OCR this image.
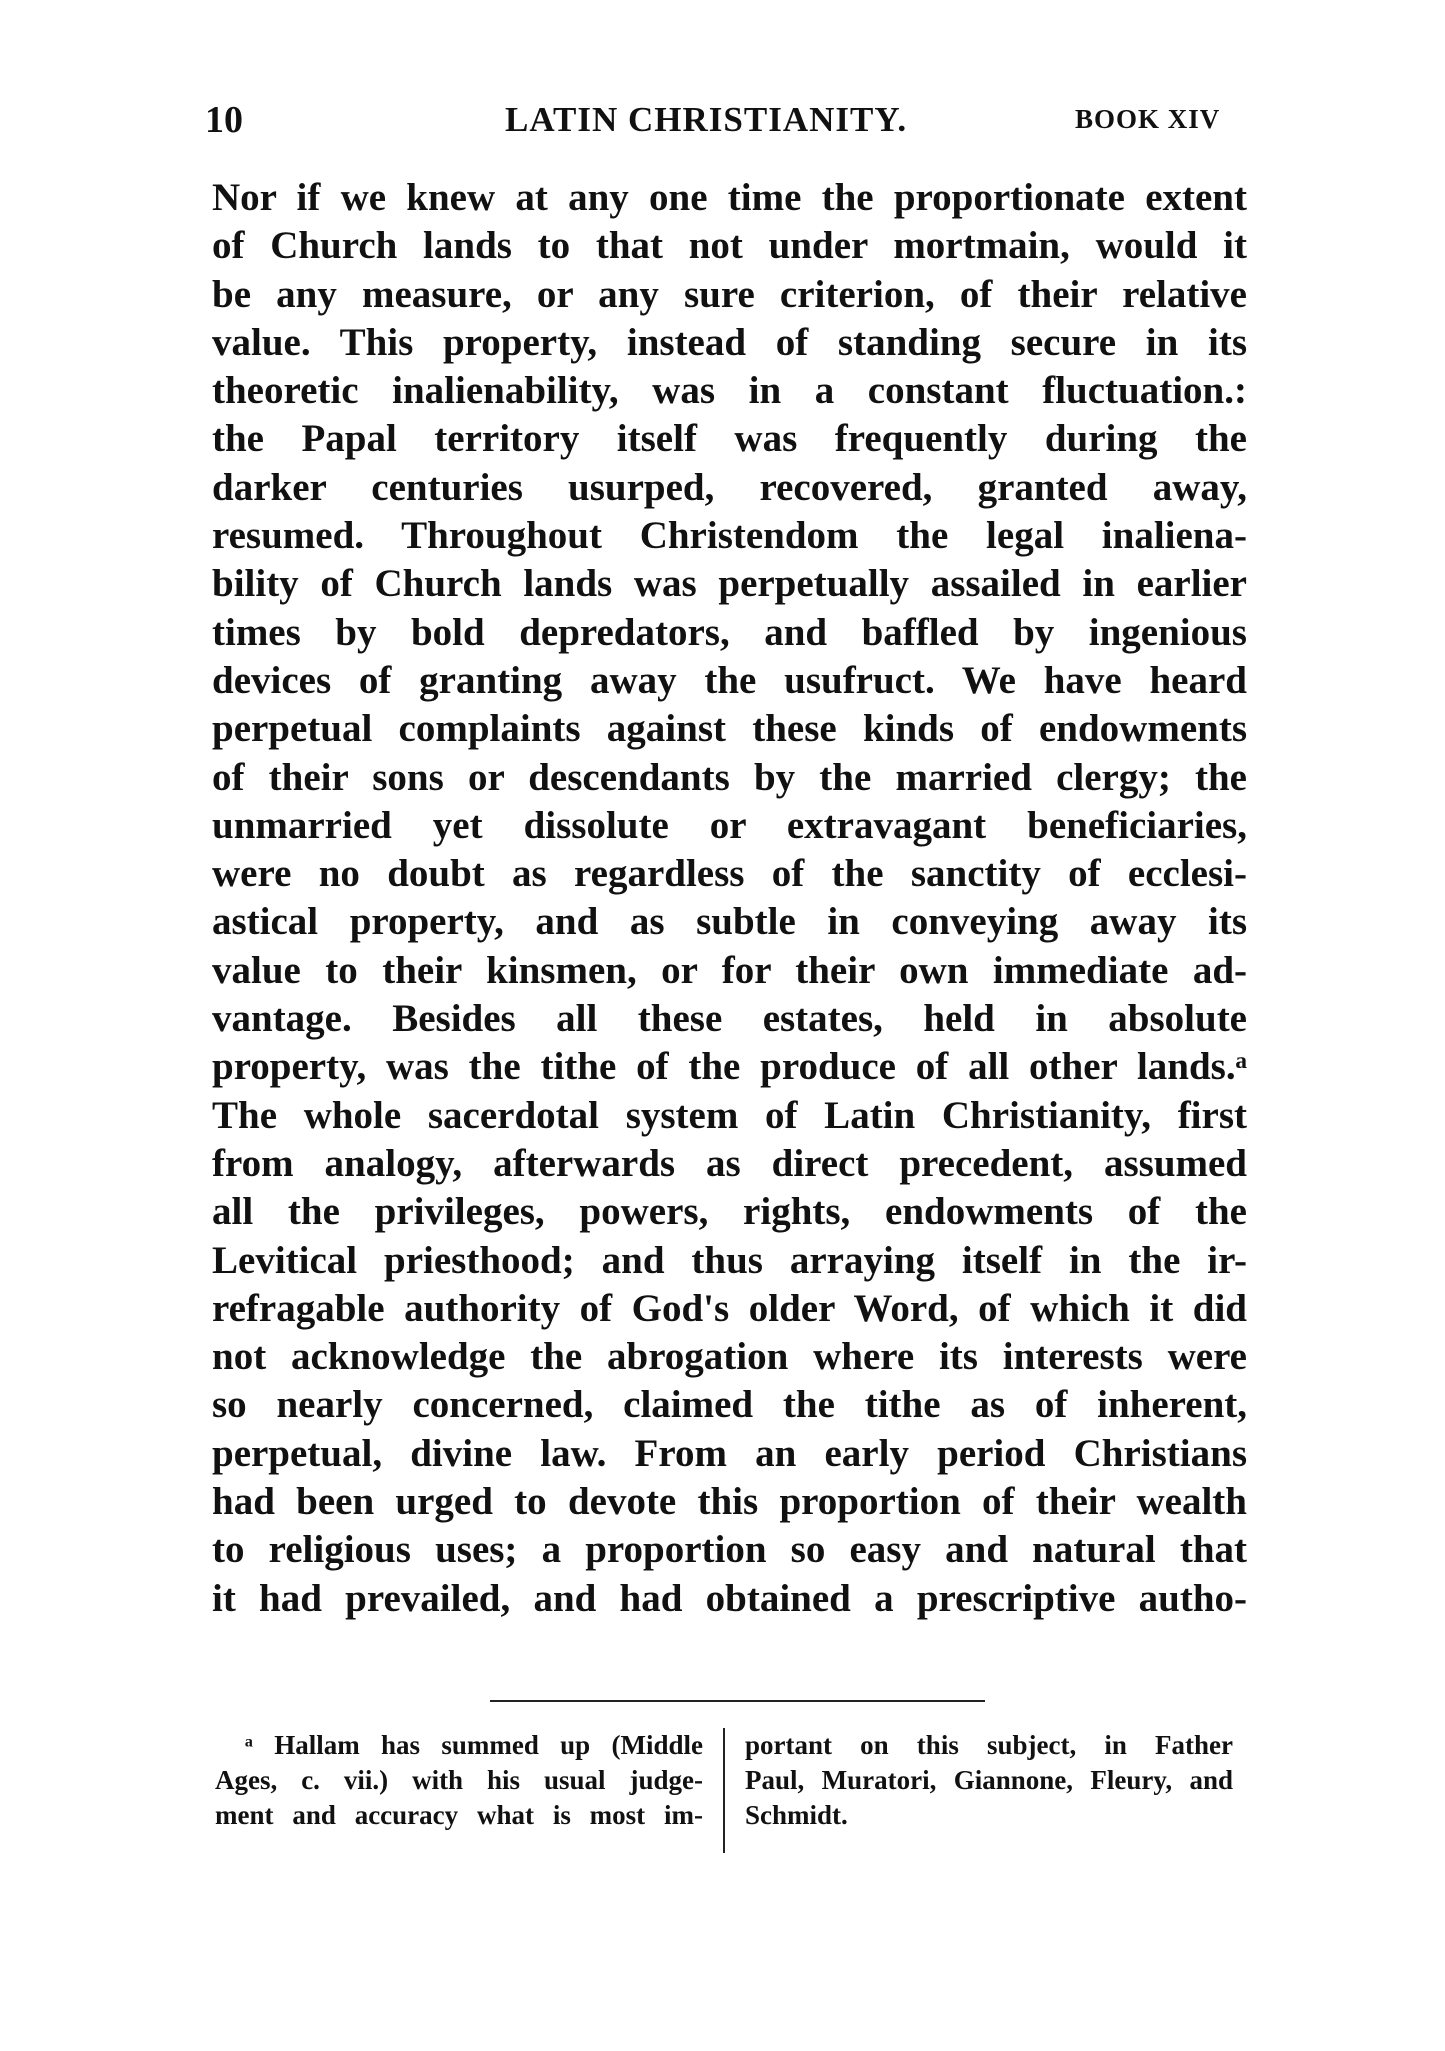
10	LATIN CHRISTIANITY.	BOOK XIV
Nor if we knew at any one time the proportionate extent
of Church lands to that not under mortmain, would it
be any measure, or any sure criterion, of their relative
value. This property, instead of standing secure in its
theoretic inalienability, was in a constant fluctuation.:
the Papal territory itself was frequently during the
darker centuries usurped, recovered, granted away,
resumed. Throughout Christendom the legal inaliena-
bility of Church lands was perpetually assailed in earlier
times by bold depredators, and baffled by ingenious
devices of granting away the usufruct. We have heard
perpetual complaints against these kinds of endowments
of their sons or descendants by the married clergy; the
unmarried yet dissolute or extravagant beneficiaries,
were no doubt as regardless of the sanctity of ecclesi-
astical property, and as subtle in conveying away its
value to their kinsmen, or for their own immediate ad-
vantage. Besides all these estates, held in absolute
property, was the tithe of the produce of all other lands.ᵃ
The whole sacerdotal system of Latin Christianity, first
from analogy, afterwards as direct precedent, assumed
all the privileges, powers, rights, endowments of the
Levitical priesthood; and thus arraying itself in the ir-
refragable authority of God's older Word, of which it did
not acknowledge the abrogation where its interests were
so nearly concerned, claimed the tithe as of inherent,
perpetual, divine law. From an early period Christians
had been urged to devote this proportion of their wealth
to religious uses; a proportion so easy and natural that
it had prevailed, and had obtained a prescriptive autho-
ᵃ Hallam has summed up (Middle
Ages, c. vii.) with his usual judge-
ment and accuracy what is most im-
portant on this subject, in Father
Paul, Muratori, Giannone, Fleury, and
Schmidt.
